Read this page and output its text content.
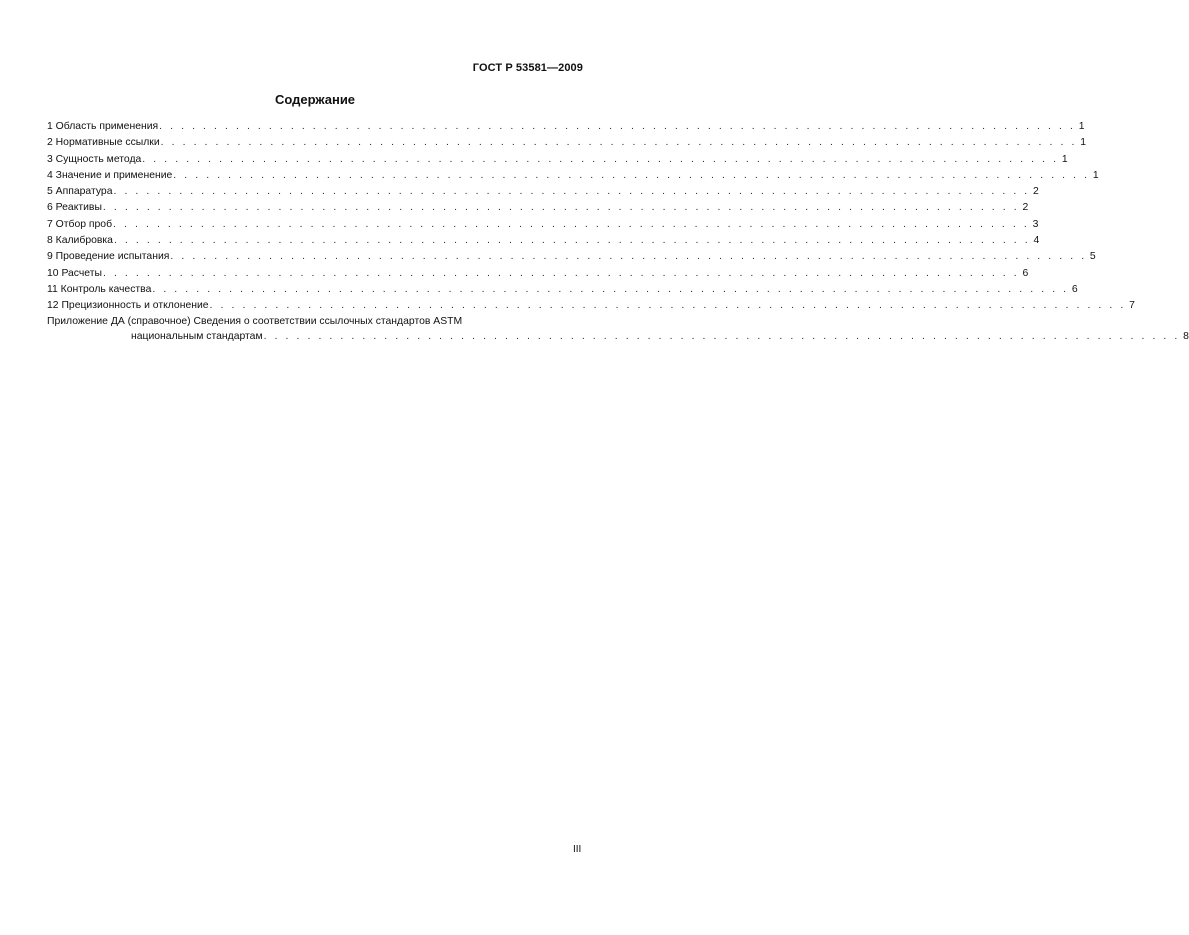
ГОСТ Р 53581—2009
Содержание
1 Область применения . . . . . . . . . . . . . . . . . . . . . . . . . . . . . . . . . . . . . . . . . . . . . . . . . . . . . . . . . . . . . . . . . . . . . . . . . . . . . . . . . . . . 1
2 Нормативные ссылки . . . . . . . . . . . . . . . . . . . . . . . . . . . . . . . . . . . . . . . . . . . . . . . . . . . . . . . . . . . . . . . . . . . . . . . . . . . . . . . . . . . . 1
3 Сущность метода . . . . . . . . . . . . . . . . . . . . . . . . . . . . . . . . . . . . . . . . . . . . . . . . . . . . . . . . . . . . . . . . . . . . . . . . . . . . . . . . . . . . 1
4 Значение и применение . . . . . . . . . . . . . . . . . . . . . . . . . . . . . . . . . . . . . . . . . . . . . . . . . . . . . . . . . . . . . . . . . . . . . . . . . . . . . . . . . . . . 1
5 Аппаратура . . . . . . . . . . . . . . . . . . . . . . . . . . . . . . . . . . . . . . . . . . . . . . . . . . . . . . . . . . . . . . . . . . . . . . . . . . . . . . . . . . . . 2
6 Реактивы . . . . . . . . . . . . . . . . . . . . . . . . . . . . . . . . . . . . . . . . . . . . . . . . . . . . . . . . . . . . . . . . . . . . . . . . . . . . . . . . . . . . 2
7 Отбор проб . . . . . . . . . . . . . . . . . . . . . . . . . . . . . . . . . . . . . . . . . . . . . . . . . . . . . . . . . . . . . . . . . . . . . . . . . . . . . . . . . . . . 3
8 Калибровка . . . . . . . . . . . . . . . . . . . . . . . . . . . . . . . . . . . . . . . . . . . . . . . . . . . . . . . . . . . . . . . . . . . . . . . . . . . . . . . . . . . . 4
9 Проведение испытания . . . . . . . . . . . . . . . . . . . . . . . . . . . . . . . . . . . . . . . . . . . . . . . . . . . . . . . . . . . . . . . . . . . . . . . . . . . . . . . . . . . . 5
10 Расчеты . . . . . . . . . . . . . . . . . . . . . . . . . . . . . . . . . . . . . . . . . . . . . . . . . . . . . . . . . . . . . . . . . . . . . . . . . . . . . . . . . . . . 6
11 Контроль качества . . . . . . . . . . . . . . . . . . . . . . . . . . . . . . . . . . . . . . . . . . . . . . . . . . . . . . . . . . . . . . . . . . . . . . . . . . . . . . . . . . . . 6
12 Прецизионность и отклонение . . . . . . . . . . . . . . . . . . . . . . . . . . . . . . . . . . . . . . . . . . . . . . . . . . . . . . . . . . . . . . . . . . . . . . . . . . . . . . . . . . . . 7
Приложение ДА (справочное) Сведения о соответствии ссылочных стандартов ASTM
национальным стандартам . . . . . . . . . . . . . . . . . . . . . . . . . . . . . . . . . . . . . . . . . . . . . . . . . . . . . . . . . . . . . . . . . . . . . . . . . . . . . . . . . . . . 8
III
